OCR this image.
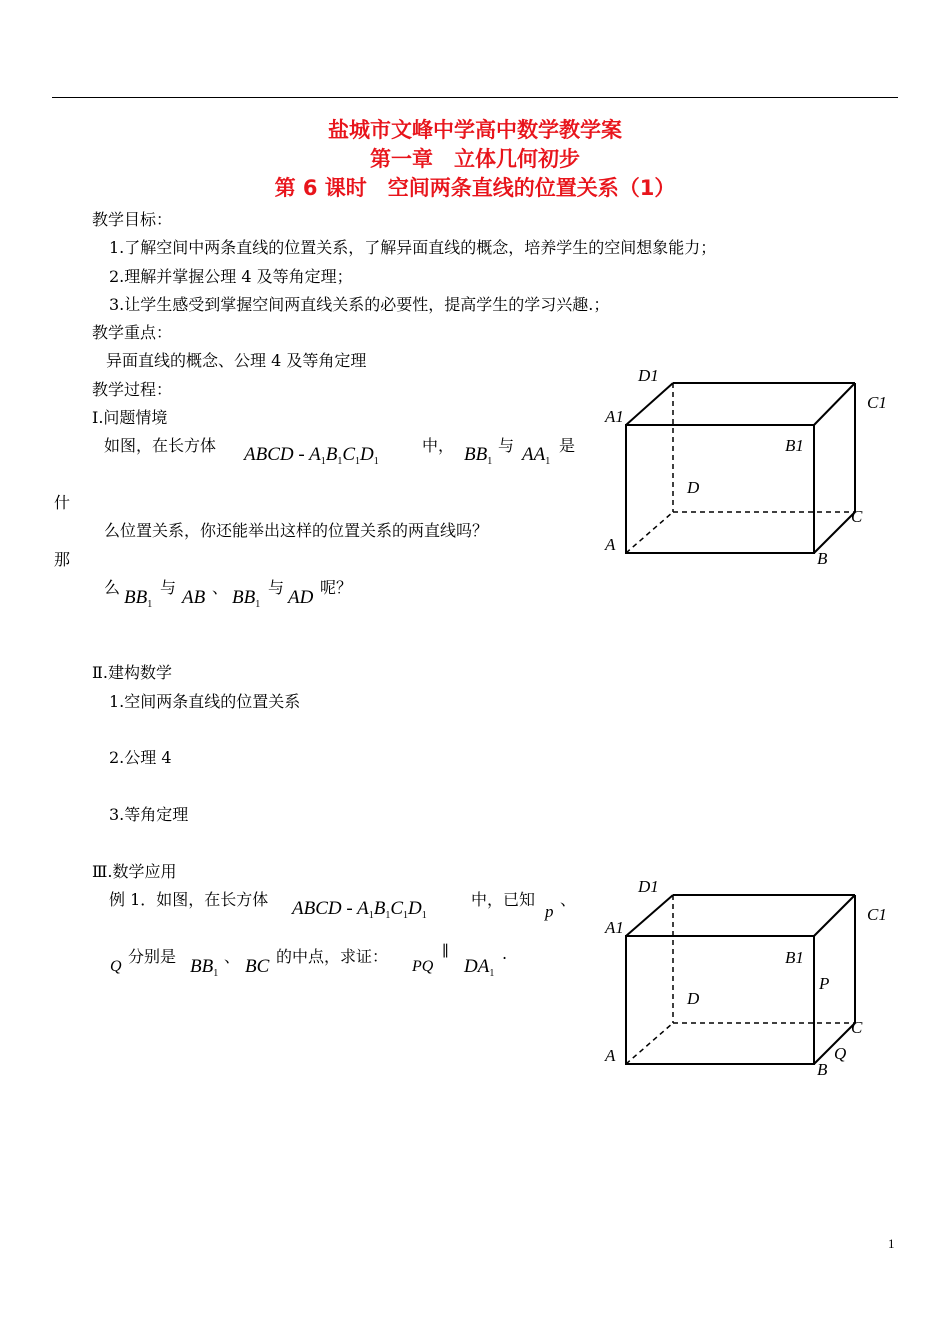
盐城市文峰中学高中数学教学案
第一章　立体几何初步
第 6 课时　空间两条直线的位置关系（1）
教学目标：
1.了解空间中两条直线的位置关系，了解异面直线的概念，培养学生的空间想象能力；
2.理解并掌握公理 4 及等角定理；
3.让学生感受到掌握空间两直线关系的必要性，提高学生的学习兴趣.；
教学重点：
异面直线的概念、公理 4 及等角定理
教学过程：
Ⅰ.问题情境
如图，在长方体 ABCD - $A_1B_1C_1D_1$
中， $BB_1$
与 $AA_1$
是
什
么位置关系，你还能举出这样的位置关系的两直线吗？
那
么 $BB_1$
与 AB 、 $BB_1$
与 AD 呢？
Ⅱ.建构数学
1.空间两条直线的位置关系
2.公理 4
3.等角定理
Ⅲ.数学应用
例 1．如图，在长方体 ABCD - $A_1B_1C_1D_1$
中，已知
p
、
Q
分别是 $BB_1$
、 BC 的中点，求证：
PQ
∥
$DA_1$
.
D1
C1
A1
B1
D
C
A
B
D1
C1
A1
B1
D
C
A
B
P
Q
1
